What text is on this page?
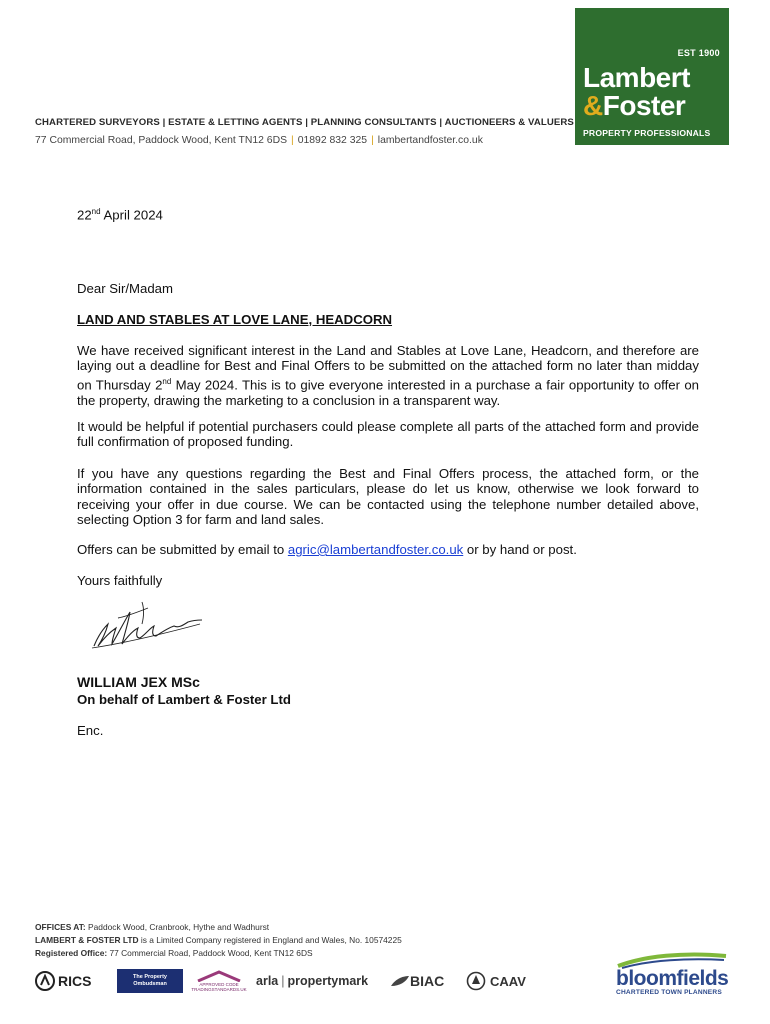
CHARTERED SURVEYORS | ESTATE & LETTING AGENTS | PLANNING CONSULTANTS | AUCTIONEERS & VALUERS
77 Commercial Road, Paddock Wood, Kent TN12 6DS | 01892 832 325 | lambertandfoster.co.uk
EST 1900
Lambert
&Foster
PROPERTY PROFESSIONALS
22nd April 2024
Dear Sir/Madam
LAND AND STABLES AT LOVE LANE, HEADCORN
We have received significant interest in the Land and Stables at Love Lane, Headcorn, and therefore are laying out a deadline for Best and Final Offers to be submitted on the attached form no later than midday on Thursday 2nd May 2024. This is to give everyone interested in a purchase a fair opportunity to offer on the property, drawing the marketing to a conclusion in a transparent way.
It would be helpful if potential purchasers could please complete all parts of the attached form and provide full confirmation of proposed funding.
If you have any questions regarding the Best and Final Offers process, the attached form, or the information contained in the sales particulars, please do let us know, otherwise we look forward to receiving your offer in due course. We can be contacted using the telephone number detailed above, selecting Option 3 for farm and land sales.
Offers can be submitted by email to agric@lambertandfoster.co.uk or by hand or post.
Yours faithfully
WILLIAM JEX MSc
On behalf of Lambert & Foster Ltd
Enc.
OFFICES AT: Paddock Wood, Cranbrook, Hythe and Wadhurst
LAMBERT & FOSTER LTD is a Limited Company registered in England and Wales, No. 10574225
Registered Office: 77 Commercial Road, Paddock Wood, Kent TN12 6DS
RICS	The Property
Ombudsman	APPROVED CODE
TRADINGSTANDARDS.UK
arla | propertymark	BIAC	CAAV	bloomfields
CHARTERED TOWN PLANNERS
